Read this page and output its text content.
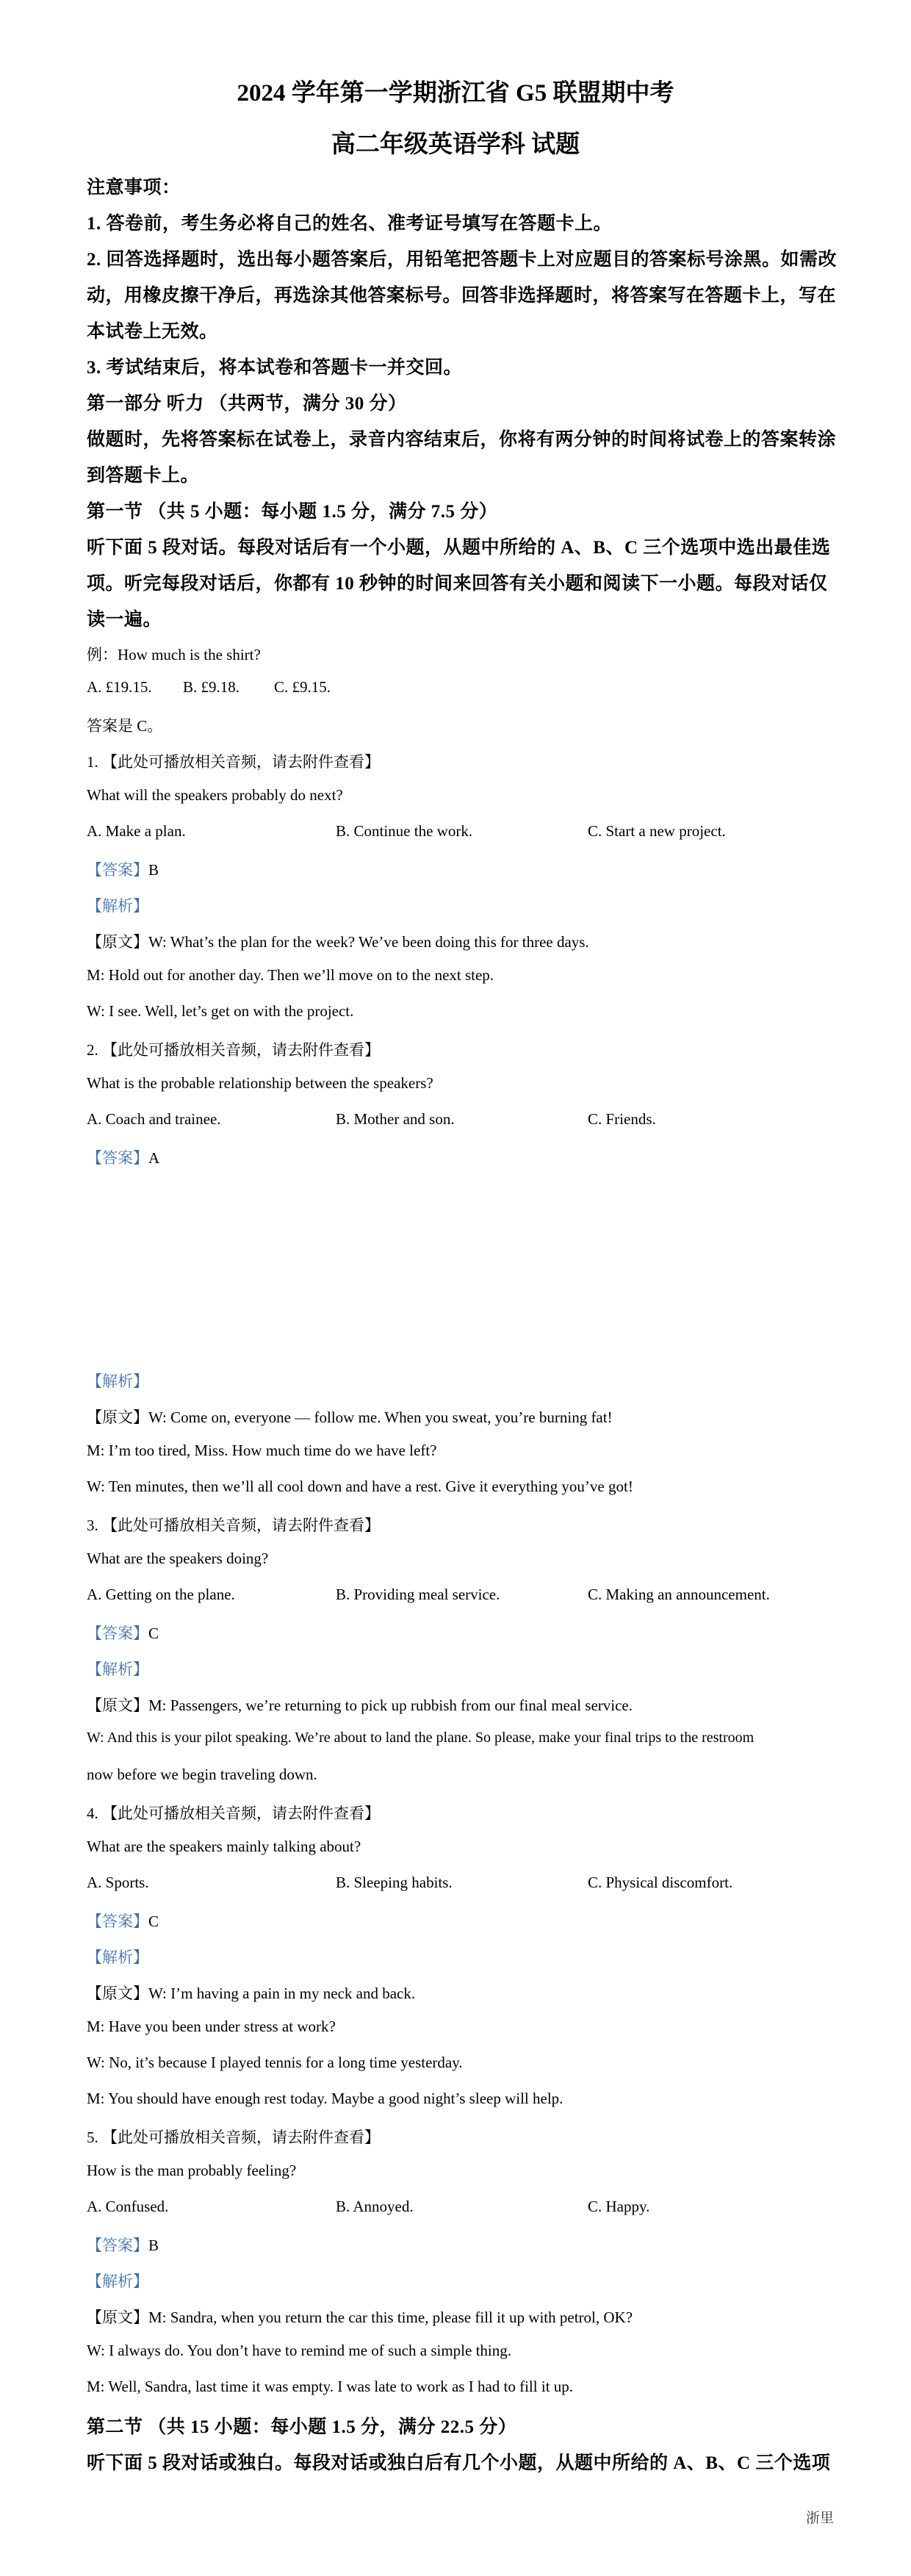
2024 学年第一学期浙江省 G5 联盟期中考
高二年级英语学科 试题
注意事项：
1. 答卷前，考生务必将自己的姓名、准考证号填写在答题卡上。
2. 回答选择题时，选出每小题答案后，用铅笔把答题卡上对应题目的答案标号涂黑。如需改
动，用橡皮擦干净后，再选涂其他答案标号。回答非选择题时，将答案写在答题卡上，写在
本试卷上无效。
3. 考试结束后，将本试卷和答题卡一并交回。
第一部分 听力 （共两节，满分 30 分）
做题时，先将答案标在试卷上，录音内容结束后，你将有两分钟的时间将试卷上的答案转涂
到答题卡上。
第一节 （共 5 小题：每小题 1.5 分，满分 7.5 分）
听下面 5 段对话。每段对话后有一个小题，从题中所给的 A、B、C 三个选项中选出最佳选
项。听完每段对话后，你都有 10 秒钟的时间来回答有关小题和阅读下一小题。每段对话仅
读一遍。
例：How much is the shirt?
A. £19.15. B. £9.18. C. £9.15.
答案是 C。
1. 【此处可播放相关音频，请去附件查看】
What will the speakers probably do next?
A. Make a plan.	B. Continue the work.	C. Start a new project.
【答案】B
【解析】
【原文】W: What’s the plan for the week? We’ve been doing this for three days.
M: Hold out for another day. Then we’ll move on to the next step.
W: I see. Well, let’s get on with the project.
2. 【此处可播放相关音频，请去附件查看】
What is the probable relationship between the speakers?
A. Coach and trainee.	B. Mother and son.	C. Friends.
【答案】A
【解析】
【原文】W: Come on, everyone — follow me. When you sweat, you’re burning fat!
M: I’m too tired, Miss. How much time do we have left?
W: Ten minutes, then we’ll all cool down and have a rest. Give it everything you’ve got!
3. 【此处可播放相关音频，请去附件查看】
What are the speakers doing?
A. Getting on the plane.	B. Providing meal service.	C. Making an announcement.
【答案】C
【解析】
【原文】M: Passengers, we’re returning to pick up rubbish from our final meal service.
W: And this is your pilot speaking. We’re about to land the plane. So please, make your final trips to the restroom
now before we begin traveling down.
4. 【此处可播放相关音频，请去附件查看】
What are the speakers mainly talking about?
A. Sports.	B. Sleeping habits.	C. Physical discomfort.
【答案】C
【解析】
【原文】W: I’m having a pain in my neck and back.
M: Have you been under stress at work?
W: No, it’s because I played tennis for a long time yesterday.
M: You should have enough rest today. Maybe a good night’s sleep will help.
5. 【此处可播放相关音频，请去附件查看】
How is the man probably feeling?
A. Confused.	B. Annoyed.	C. Happy.
【答案】B
【解析】
【原文】M: Sandra, when you return the car this time, please fill it up with petrol, OK?
W: I always do. You don’t have to remind me of such a simple thing.
M: Well, Sandra, last time it was empty. I was late to work as I had to fill it up.
第二节 （共 15 小题：每小题 1.5 分，满分 22.5 分）
听下面 5 段对话或独白。每段对话或独白后有几个小题，从题中所给的 A、B、C 三个选项
浙里
